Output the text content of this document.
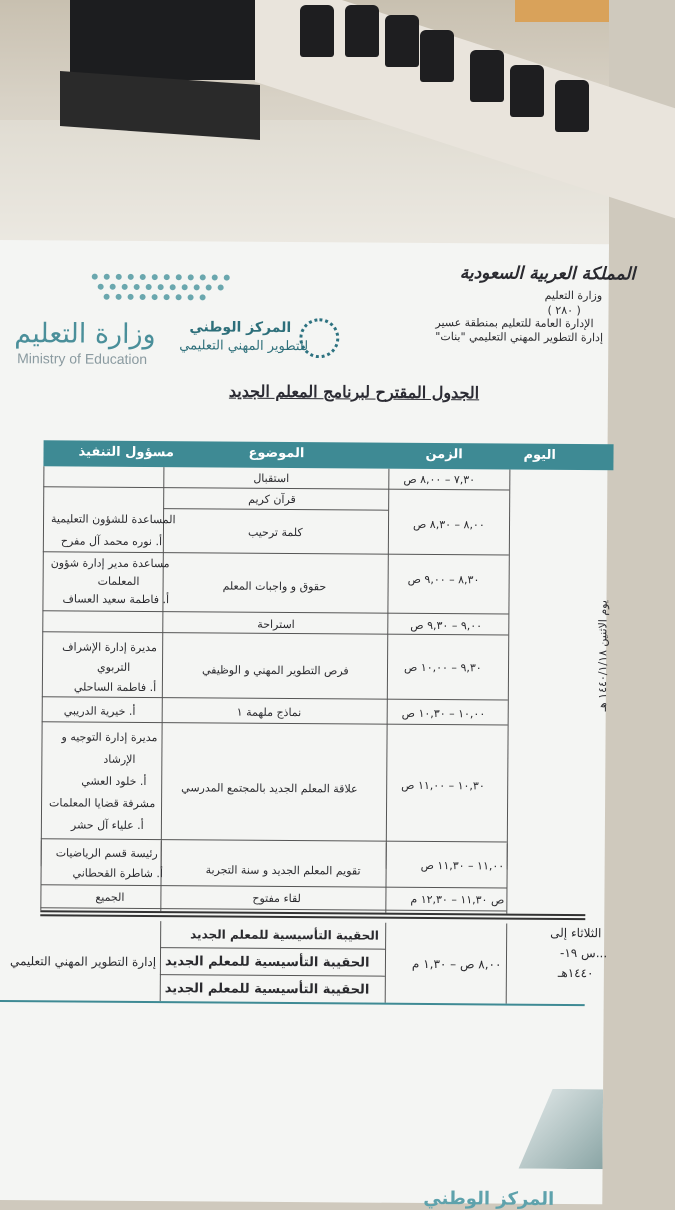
وزارة التعليم
Ministry of Education
المركز الوطني
للتطوير المهني التعليمي
المملكة العربية السعودية
وزارة التعليم
( ٢٨٠ )
الإدارة العامة للتعليم بمنطقة عسير
إدارة التطوير المهني التعليمي "بنات"
الجدول المقترح لبرنامج المعلم الجديد
اليوم
الزمن
الموضوع
مسؤول التنفيذ
يوم الاثنين ١٤٤٠/١/١٨ هـ
٧,٣٠ – ٨,٠٠ ص
استقبال
قرآن كريم
٨,٠٠ – ٨,٣٠ ص
كلمة ترحيب
المساعدة للشؤون التعليمية
أ. نوره محمد آل مفرح
٨,٣٠ – ٩,٠٠ ص
حقوق و واجبات المعلم
مساعدة مدير إدارة شؤون
المعلمات
أ. فاطمة سعيد العساف
٩,٠٠ – ٩,٣٠ ص
استراحة
٩,٣٠ – ١٠,٠٠ ص
فرص التطوير المهني و الوظيفي
مديرة إدارة الإشراف
التربوي
أ. فاطمة الساحلي
١٠,٠٠ – ١٠,٣٠ ص
نماذج ملهمة ١
أ. خيرية الدريبي
١٠,٣٠ – ١١,٠٠ ص
علاقة المعلم الجديد بالمجتمع المدرسي
مديرة إدارة التوجيه و
الإرشاد
أ. خلود العشي
مشرفة قضايا المعلمات
أ. علياء آل حشر
١١,٠٠ – ١١,٣٠ ص
تقويم المعلم الجديد و سنة التجربة
رئيسة قسم الرياضيات
أ. شاطرة القحطاني
ص ١١,٣٠ – ١٢,٣٠ م
لقاء مفتوح
الجميع
الحقيبة التأسيسية للمعلم الجديد
الحقيبة التأسيسية للمعلم الجديد
الحقيبة التأسيسية للمعلم الجديد
٨,٠٠ ص – ١,٣٠ م
إدارة التطوير المهني التعليمي
الثلاثاء إلى
...س ١٩-
١٤٤٠هـ
المركز الوطني
